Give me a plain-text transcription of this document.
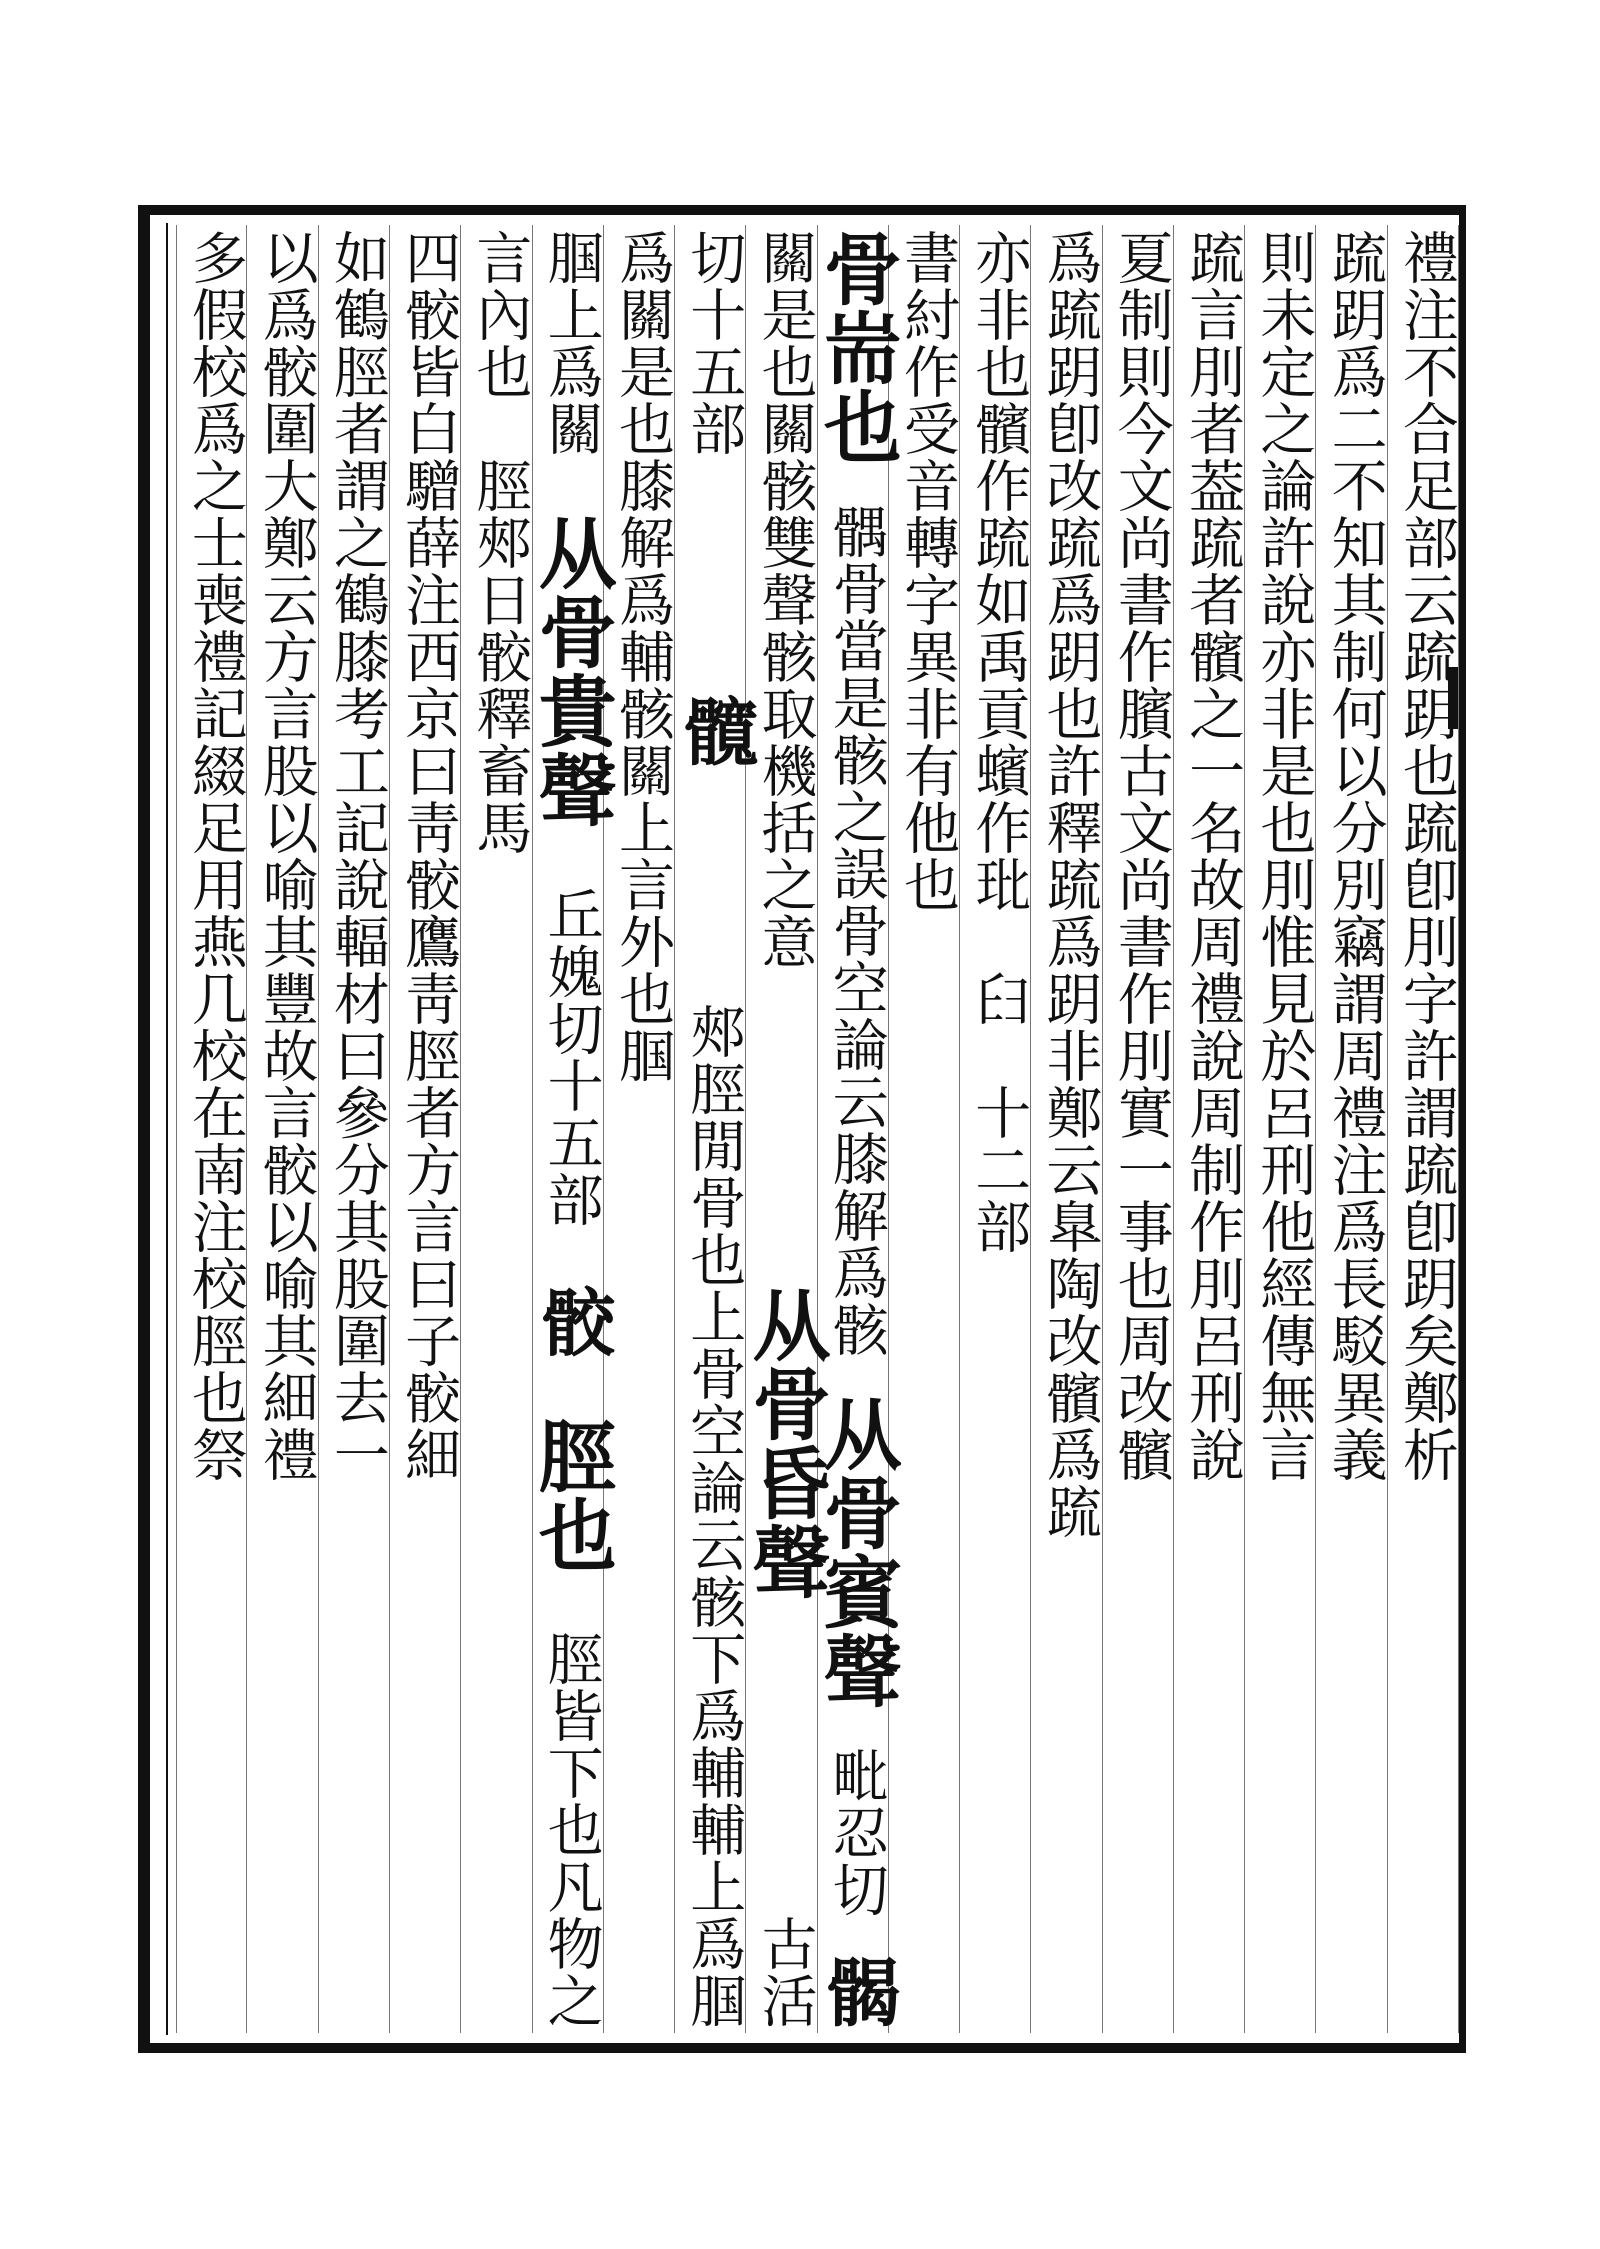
禮注不合足部云䟽跀也䟽卽刖字許謂䟽卽跀矣鄭析
䟽跀爲二不知其制何以分別竊謂周禮注爲長駁異義
則未定之論許說亦非是也刖惟見於呂刑他經傳無言
䟽言刖者葢䟽者髕之一名故周禮說周制作刖呂刑說
夏制則今文尚書作臏古文尚書作刖實一事也周改髕
爲䟽跀卽改䟽爲跀也許釋䟽爲跀非鄭云臯陶改髕爲䟽
亦非也髕作䟽如禹貢蠙作玭　𦥑　十二部
書紂作受音轉字異非有他也
骨耑也
髃骨當是骸之誤骨空論云膝解爲骸
从骨賓聲
毗忍切
𩩲
關是也關骸雙聲骸取機括之意
从骨昏聲
古活
切十五部
髖
郟脛閒骨也上骨空論云骸下爲輔輔上爲腘
爲關是也膝解爲輔骸關上言外也腘
腘上爲關
从骨貴聲
丘媿切十五部
骹
脛也
脛皆下也凡物之
言內也　脛郟日骹釋畜馬
四骹皆白驓薛注西京曰靑骹鷹靑脛者方言曰子骹細
如鶴脛者謂之鶴膝考工記說輻材曰參分其股圍去一
以爲骹圍大鄭云方言股以喻其豐故言骹以喻其細禮
多假校爲之士喪禮記綴足用燕几校在南注校脛也祭
